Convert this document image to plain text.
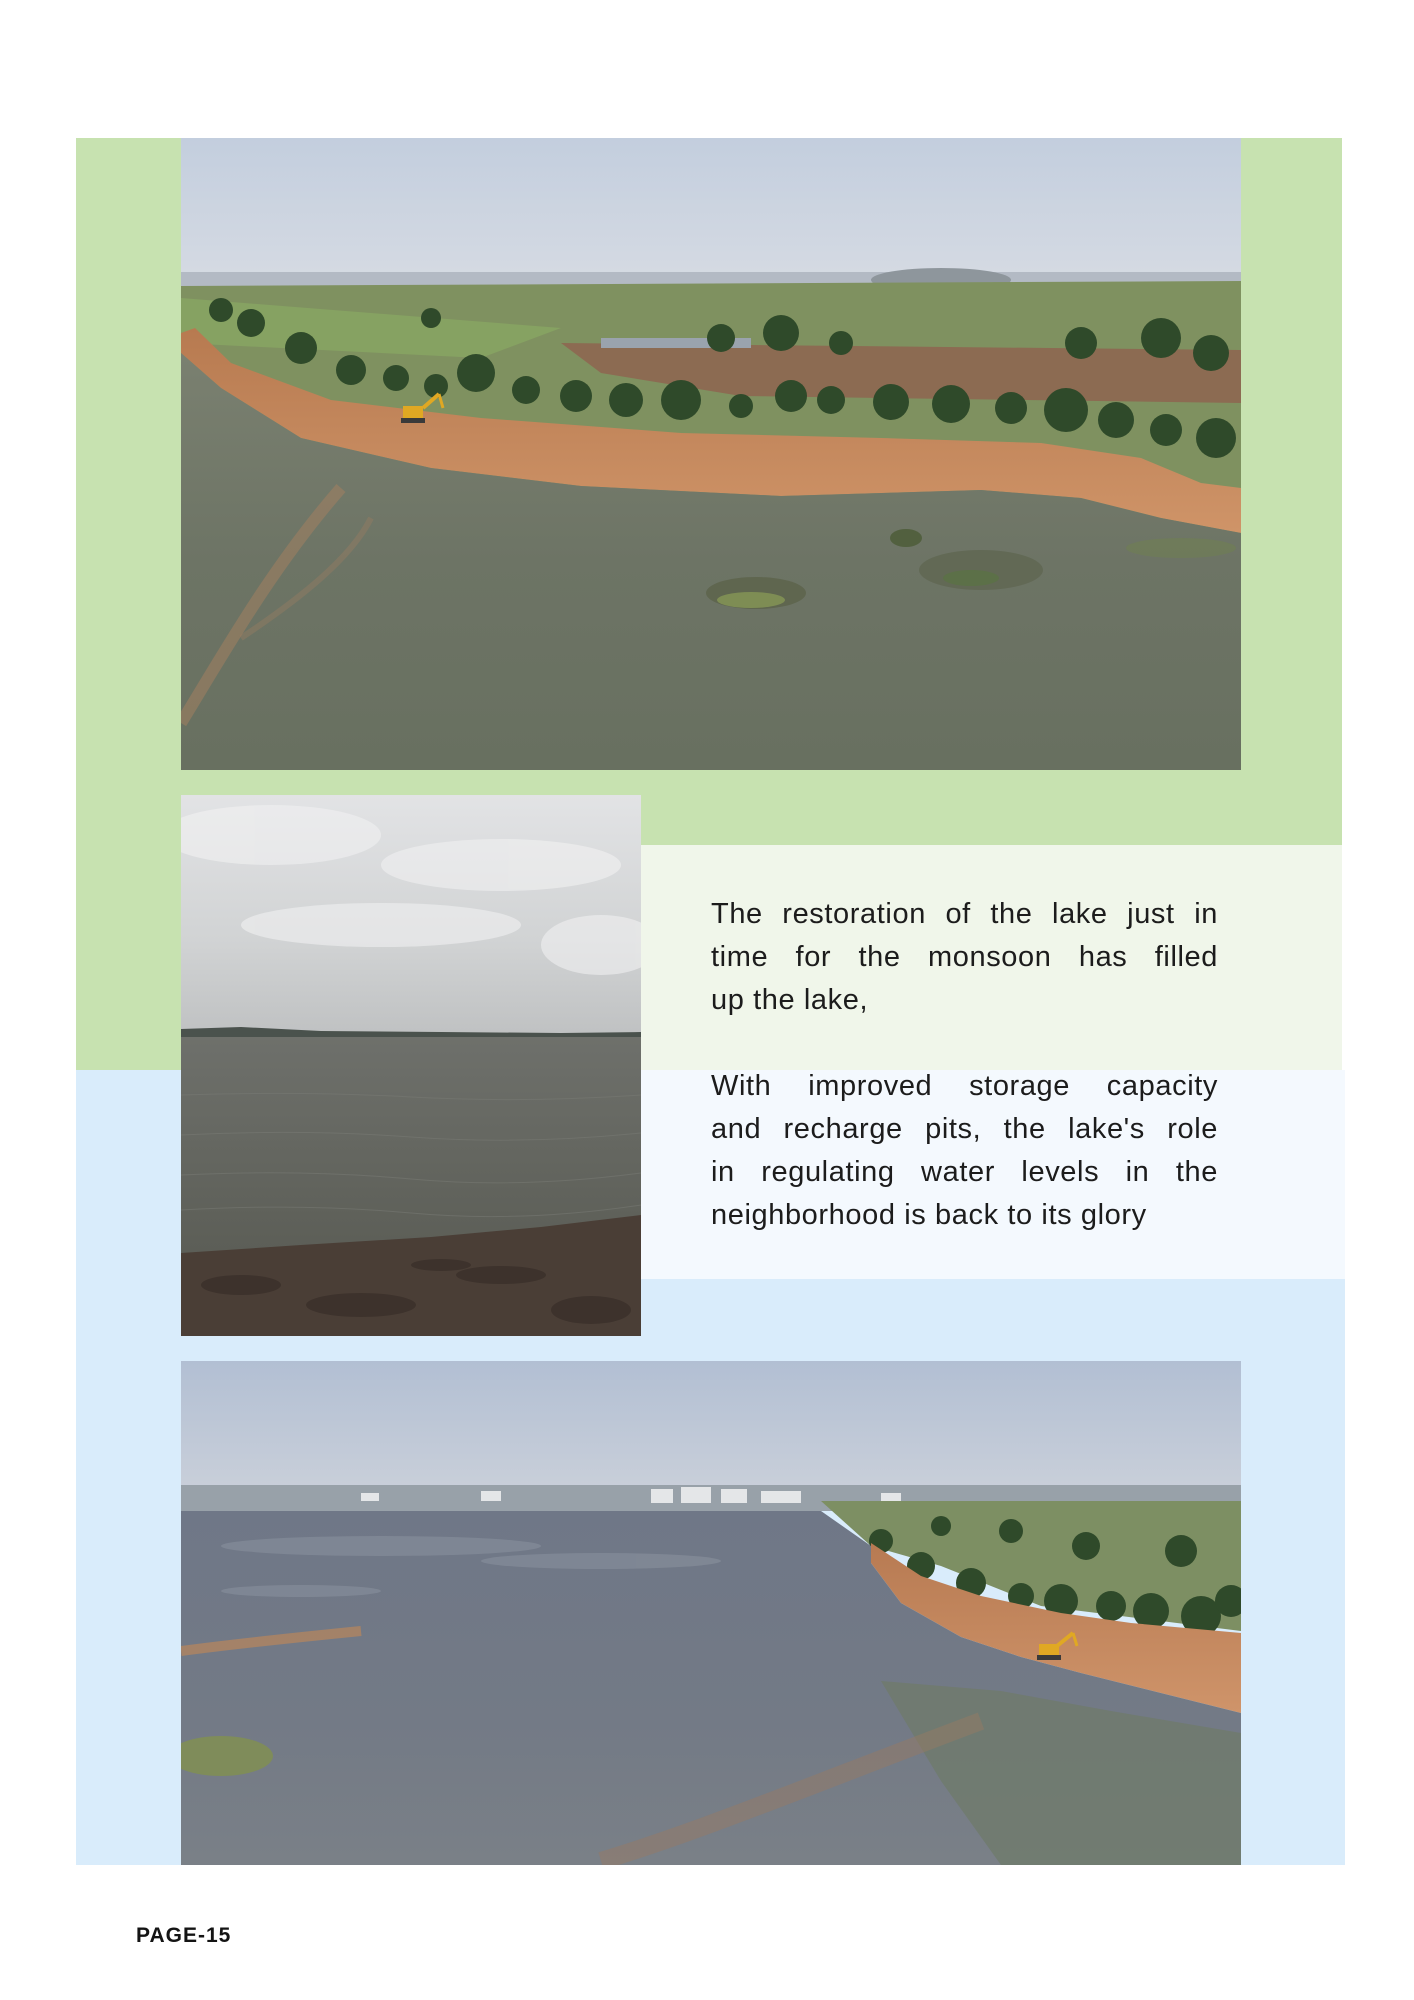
The restoration of the lake just in
time for the monsoon has filled
up the lake,
With improved storage capacity
and recharge pits, the lake's role
in regulating water levels in the
neighborhood is back to its glory
PAGE-15
